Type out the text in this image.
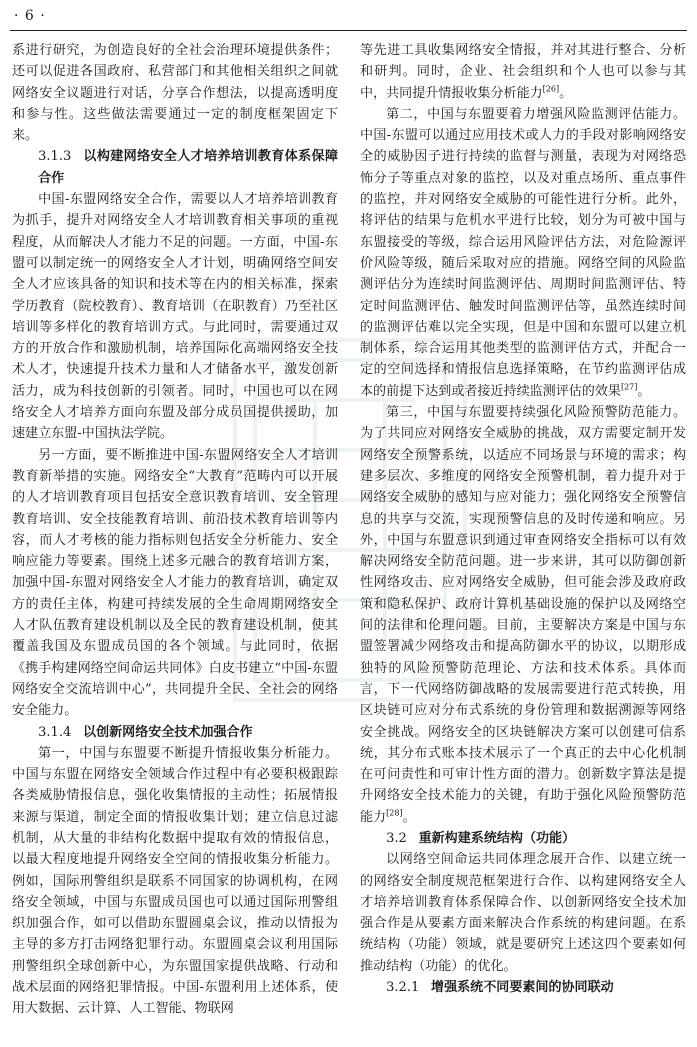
· 6 ·

系进行研究，为创造良好的全社会治理环境提供条件；还可以促进各国政府、私营部门和其他相关组织之间就网络安全议题进行对话，分享合作想法，以提高透明度和参与性。这些做法需要通过一定的制度框架固定下来。

3.1.3 以构建网络安全人才培养培训教育体系保障合作

中国-东盟网络安全合作，需要以人才培养培训教育为抓手，提升对网络安全人才培训教育相关事项的重视程度，从而解决人才能力不足的问题。一方面，中国-东盟可以制定统一的网络安全人才计划，明确网络空间安全人才应该具备的知识和技术等在内的相关标准，探索学历教育（院校教育）、教育培训（在职教育）乃至社区培训等多样化的教育培训方式。与此同时，需要通过双方的开放合作和激励机制，培养国际化高端网络安全技术人才，快速提升技术力量和人才储备水平，激发创新活力，成为科技创新的引领者。同时，中国也可以在网络安全人才培养方面向东盟及部分成员国提供援助，加速建立东盟-中国执法学院。

另一方面，要不断推进中国-东盟网络安全人才培训教育新举措的实施。网络安全“大教育”范畴内可以开展的人才培训教育项目包括安全意识教育培训、安全管理教育培训、安全技能教育培训、前沿技术教育培训等内容，而人才考核的能力指标则包括安全分析能力、安全响应能力等要素。围绕上述多元融合的教育培训方案，加强中国-东盟对网络安全人才能力的教育培训，确定双方的责任主体，构建可持续发展的全生命周期网络安全人才队伍教育建设机制以及全民的教育建设机制，使其覆盖我国及东盟成员国的各个领域。与此同时，依据《携手构建网络空间命运共同体》白皮书建立“中国-东盟网络安全交流培训中心”，共同提升全民、全社会的网络安全能力。

3.1.4 以创新网络安全技术加强合作

第一，中国与东盟要不断提升情报收集分析能力。中国与东盟在网络安全领域合作过程中有必要积极跟踪各类威胁情报信息，强化收集情报的主动性；拓展情报来源与渠道，制定全面的情报收集计划；建立信息过滤机制，从大量的非结构化数据中提取有效的情报信息，以最大程度地提升网络安全空间的情报收集分析能力。例如，国际刑警组织是联系不同国家的协调机构，在网络安全领域，中国与东盟成员国也可以通过国际刑警组织加强合作，如可以借助东盟圆桌会议，推动以情报为主导的多方打击网络犯罪行动。东盟圆桌会议利用国际刑警组织全球创新中心，为东盟国家提供战略、行动和战术层面的网络犯罪情报。中国-东盟利用上述体系，使用大数据、云计算、人工智能、物联网

等先进工具收集网络安全情报，并对其进行整合、分析和研判。同时，企业、社会组织和个人也可以参与其中，共同提升情报收集分析能力[26]。

第二，中国与东盟要着力增强风险监测评估能力。中国-东盟可以通过应用技术或人力的手段对影响网络安全的威胁因子进行持续的监督与测量，表现为对网络恐怖分子等重点对象的监控，以及对重点场所、重点事件的监控，并对网络安全威胁的可能性进行分析。此外，将评估的结果与危机水平进行比较，划分为可被中国与东盟接受的等级，综合运用风险评估方法，对危险源评价风险等级，随后采取对应的措施。网络空间的风险监测评估分为连续时间监测评估、周期时间监测评估、特定时间监测评估、触发时间监测评估等，虽然连续时间的监测评估难以完全实现，但是中国和东盟可以建立机制体系，综合运用其他类型的监测评估方式，并配合一定的空间选择和情报信息选择策略，在节约监测评估成本的前提下达到或者接近持续监测评估的效果[27]。

第三，中国与东盟要持续强化风险预警防范能力。为了共同应对网络安全威胁的挑战，双方需要定制开发网络安全预警系统，以适应不同场景与环境的需求；构建多层次、多维度的网络安全预警机制，着力提升对于网络安全威胁的感知与应对能力；强化网络安全预警信息的共享与交流，实现预警信息的及时传递和响应。另外，中国与东盟意识到通过审查网络安全指标可以有效解决网络安全防范问题。进一步来讲，其可以防御创新性网络攻击、应对网络安全威胁，但可能会涉及政府政策和隐私保护、政府计算机基础设施的保护以及网络空间的法律和伦理问题。目前，主要解决方案是中国与东盟签署减少网络攻击和提高防御水平的协议，以期形成独特的风险预警防范理论、方法和技术体系。具体而言，下一代网络防御战略的发展需要进行范式转换，用区块链可应对分布式系统的身份管理和数据溯源等网络安全挑战。网络安全的区块链解决方案可以创建可信系统，其分布式账本技术展示了一个真正的去中心化机制在可问责性和可审计性方面的潜力。创新数字算法是提升网络安全技术能力的关键，有助于强化风险预警防范能力[28]。

3.2 重新构建系统结构（功能）

以网络空间命运共同体理念展开合作、以建立统一的网络安全制度规范框架进行合作、以构建网络安全人才培养培训教育体系保障合作、以创新网络安全技术加强合作是从要素方面来解决合作系统的构建问题。在系统结构（功能）领域，就是要研究上述这四个要素如何推动结构（功能）的优化。

3.2.1 增强系统不同要素间的协同联动
